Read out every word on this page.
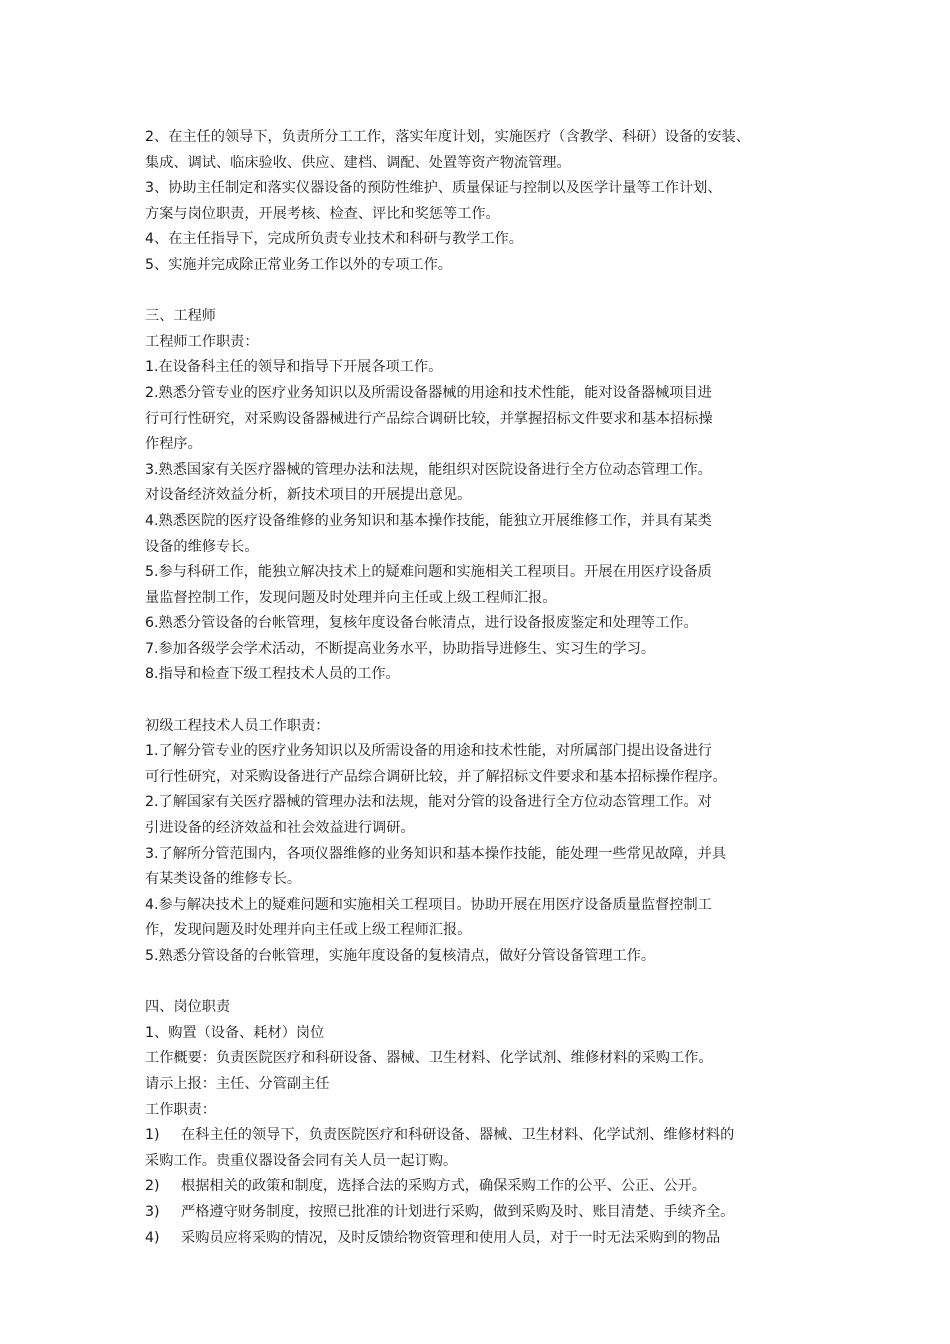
2、在主任的领导下，负责所分工工作，落实年度计划，实施医疗（含教学、科研）设备的安装、
集成、调试、临床验收、供应、建档、调配、处置等资产物流管理。
3、协助主任制定和落实仪器设备的预防性维护、质量保证与控制以及医学计量等工作计划、
方案与岗位职责，开展考核、检查、评比和奖惩等工作。
4、在主任指导下，完成所负责专业技术和科研与教学工作。
5、实施并完成除正常业务工作以外的专项工作。
三、工程师
工程师工作职责：
1.在设备科主任的领导和指导下开展各项工作。
2.熟悉分管专业的医疗业务知识以及所需设备器械的用途和技术性能，能对设备器械项目进
行可行性研究，对采购设备器械进行产品综合调研比较，并掌握招标文件要求和基本招标操
作程序。
3.熟悉国家有关医疗器械的管理办法和法规，能组织对医院设备进行全方位动态管理工作。
对设备经济效益分析，新技术项目的开展提出意见。
4.熟悉医院的医疗设备维修的业务知识和基本操作技能，能独立开展维修工作，并具有某类
设备的维修专长。
5.参与科研工作，能独立解决技术上的疑难问题和实施相关工程项目。开展在用医疗设备质
量监督控制工作，发现问题及时处理并向主任或上级工程师汇报。
6.熟悉分管设备的台帐管理，复核年度设备台帐清点，进行设备报废鉴定和处理等工作。
7.参加各级学会学术活动，不断提高业务水平，协助指导进修生、实习生的学习。
8.指导和检查下级工程技术人员的工作。
初级工程技术人员工作职责：
1.了解分管专业的医疗业务知识以及所需设备的用途和技术性能，对所属部门提出设备进行
可行性研究，对采购设备进行产品综合调研比较，并了解招标文件要求和基本招标操作程序。
2.了解国家有关医疗器械的管理办法和法规，能对分管的设备进行全方位动态管理工作。对
引进设备的经济效益和社会效益进行调研。
3.了解所分管范围内，各项仪器维修的业务知识和基本操作技能，能处理一些常见故障，并具
有某类设备的维修专长。
4.参与解决技术上的疑难问题和实施相关工程项目。协助开展在用医疗设备质量监督控制工
作，发现问题及时处理并向主任或上级工程师汇报。
5.熟悉分管设备的台帐管理，实施年度设备的复核清点，做好分管设备管理工作。
四、岗位职责
1、购置（设备、耗材）岗位
工作概要：负责医院医疗和科研设备、器械、卫生材料、化学试剂、维修材料的采购工作。
请示上报：主任、分管副主任
工作职责：
1) 在科主任的领导下，负责医院医疗和科研设备、器械、卫生材料、化学试剂、维修材料的
采购工作。贵重仪器设备会同有关人员一起订购。
2) 根据相关的政策和制度，选择合法的采购方式，确保采购工作的公平、公正、公开。
3) 严格遵守财务制度，按照已批准的计划进行采购，做到采购及时、账目清楚、手续齐全。
4) 采购员应将采购的情况，及时反馈给物资管理和使用人员，对于一时无法采购到的物品
